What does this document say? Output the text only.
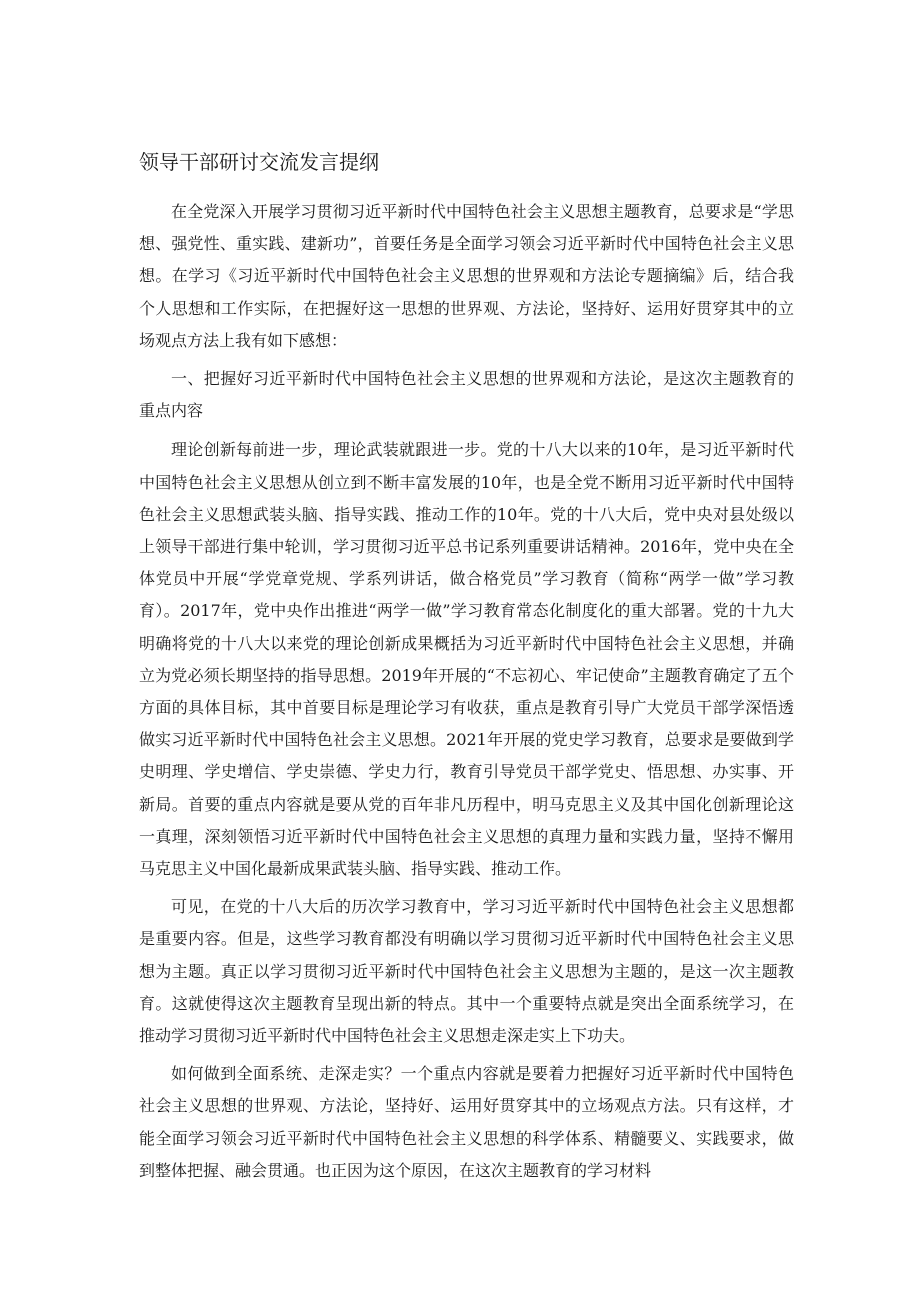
领导干部研讨交流发言提纲

在全党深入开展学习贯彻习近平新时代中国特色社会主义思想主题教育，总要求是“学思想、强党性、重实践、建新功”，首要任务是全面学习领会习近平新时代中国特色社会主义思想。在学习《习近平新时代中国特色社会主义思想的世界观和方法论专题摘编》后，结合我个人思想和工作实际，在把握好这一思想的世界观、方法论，坚持好、运用好贯穿其中的立场观点方法上我有如下感想：

一、把握好习近平新时代中国特色社会主义思想的世界观和方法论，是这次主题教育的重点内容

理论创新每前进一步，理论武装就跟进一步。党的十八大以来的10年，是习近平新时代中国特色社会主义思想从创立到不断丰富发展的10年，也是全党不断用习近平新时代中国特色社会主义思想武装头脑、指导实践、推动工作的10年。党的十八大后，党中央对县处级以上领导干部进行集中轮训，学习贯彻习近平总书记系列重要讲话精神。2016年，党中央在全体党员中开展“学党章党规、学系列讲话，做合格党员”学习教育（简称“两学一做”学习教育）。2017年，党中央作出推进“两学一做”学习教育常态化制度化的重大部署。党的十九大明确将党的十八大以来党的理论创新成果概括为习近平新时代中国特色社会主义思想，并确立为党必须长期坚持的指导思想。2019年开展的“不忘初心、牢记使命”主题教育确定了五个方面的具体目标，其中首要目标是理论学习有收获，重点是教育引导广大党员干部学深悟透做实习近平新时代中国特色社会主义思想。2021年开展的党史学习教育，总要求是要做到学史明理、学史增信、学史崇德、学史力行，教育引导党员干部学党史、悟思想、办实事、开新局。首要的重点内容就是要从党的百年非凡历程中，明马克思主义及其中国化创新理论这一真理，深刻领悟习近平新时代中国特色社会主义思想的真理力量和实践力量，坚持不懈用马克思主义中国化最新成果武装头脑、指导实践、推动工作。

可见，在党的十八大后的历次学习教育中，学习习近平新时代中国特色社会主义思想都是重要内容。但是，这些学习教育都没有明确以学习贯彻习近平新时代中国特色社会主义思想为主题。真正以学习贯彻习近平新时代中国特色社会主义思想为主题的，是这一次主题教育。这就使得这次主题教育呈现出新的特点。其中一个重要特点就是突出全面系统学习，在推动学习贯彻习近平新时代中国特色社会主义思想走深走实上下功夫。

如何做到全面系统、走深走实？一个重点内容就是要着力把握好习近平新时代中国特色社会主义思想的世界观、方法论，坚持好、运用好贯穿其中的立场观点方法。只有这样，才能全面学习领会习近平新时代中国特色社会主义思想的科学体系、精髓要义、实践要求，做到整体把握、融会贯通。也正因为这个原因，在这次主题教育的学习材料
